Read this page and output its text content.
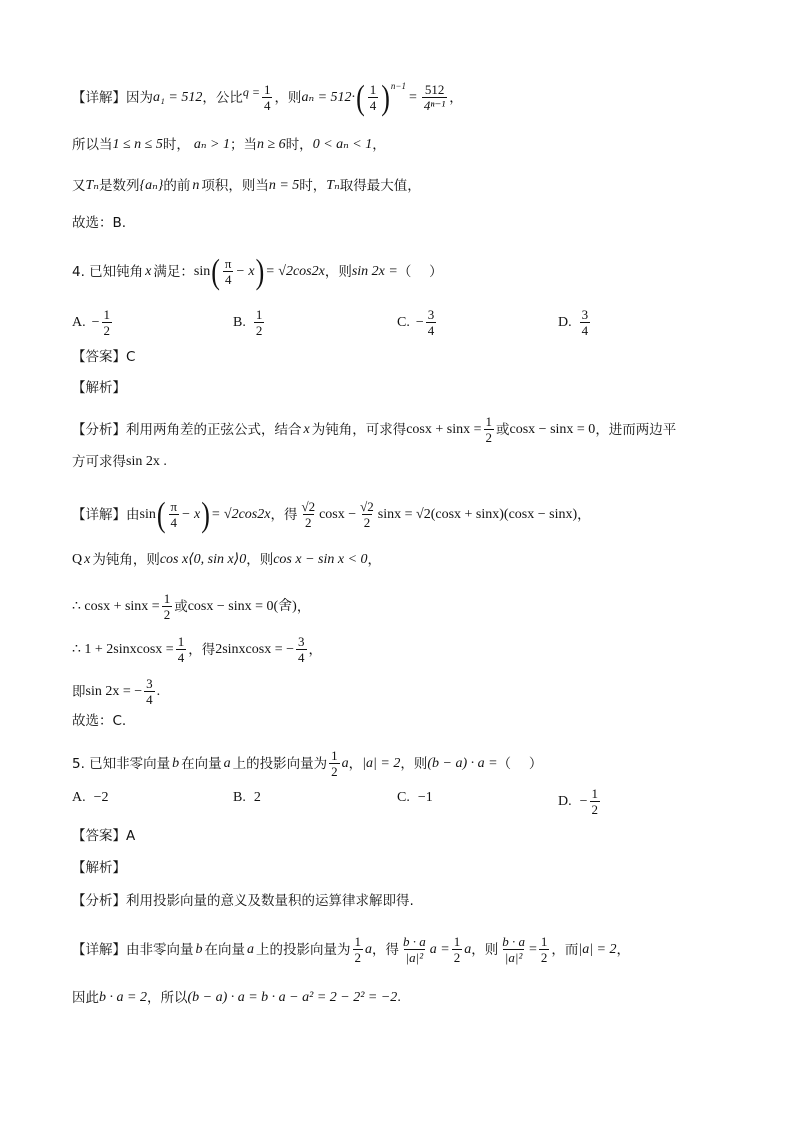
【详解】因为 a₁ = 512 ，公比 $q = \frac{1}{4}$ ，则 aₙ = 512· ( $\frac{1}{4} )^{n-1}$
= $\frac{512}{\text{4ⁿ⁻¹}}$ ，
所以当 1 ≤ n ≤ 5 时， aₙ > 1 ；当 n ≥ 6 时， 0 < aₙ < 1 ，
又 Tₙ 是数列 {aₙ} 的前 n 项积，则当 n = 5 时， Tₙ 取得最大值，
故选：B.
4. 已知钝角 x 满足： sin ( $\frac{\pi}{4} - x$ ) = √2cos2x ，则 sin 2x = （　 ）
A. − $\frac{1}{2}$	B. $\frac{1}{2}$	C. − $\frac{3}{4}$	D. $\frac{3}{4}$
【答案】C
【解析】
【分析】利用两角差的正弦公式，结合 x 为钝角，可求得 $\cos x + \sin x = \frac{1}{2}$ 或 cosx − sinx = 0 ，进而两边平
方可求得 sin 2x .
【详解】由 sin ( $\frac{\pi}{4} - x$ ) = √2cos2x ，得 $\frac{√2}{2}$ $\cos x - \frac{√2}{2}$ sinx = √2(cosx + sinx)(cosx − sinx) ，
Q x 为钝角，则 cos x⟨0, sin x⟩0 ，则 cos x − sin x < 0 ，
∴ $\cos x + \sin x = \frac{1}{2}$ 或 cosx − sinx = 0(舍) ，
∴ 1 + 2sinxcosx = $\frac{1}{4}$ ，得 2sinxcosx = − $\frac{3}{4}$ ，
即 sin 2x = − $\frac{3}{4}$ .
故选：C.
5. 已知非零向量 b 在向量 a 上的投影向量为 $\frac{1}{2}$ a ， |a| = 2 ，则 (b − a) · a = （　 ）
A. −2	B. 2	C. −1	D. − $\frac{1}{2}$
【答案】A
【解析】
【分析】利用投影向量的意义及数量积的运算律求解即得.
【详解】由非零向量 b 在向量 a 上的投影向量为 $\frac{1}{2}$ a ，得 $\frac{b \cdot a}{\text{|a|²}}$ $a = \frac{1}{2}$ a ，则 $\frac{b \cdot a}{\text{|a|²}} = \frac{1}{2}$ ，而 |a| = 2 ，
因此 b · a = 2 ，所以 (b − a) · a = b · a − a² = 2 − 2² = −2 .
